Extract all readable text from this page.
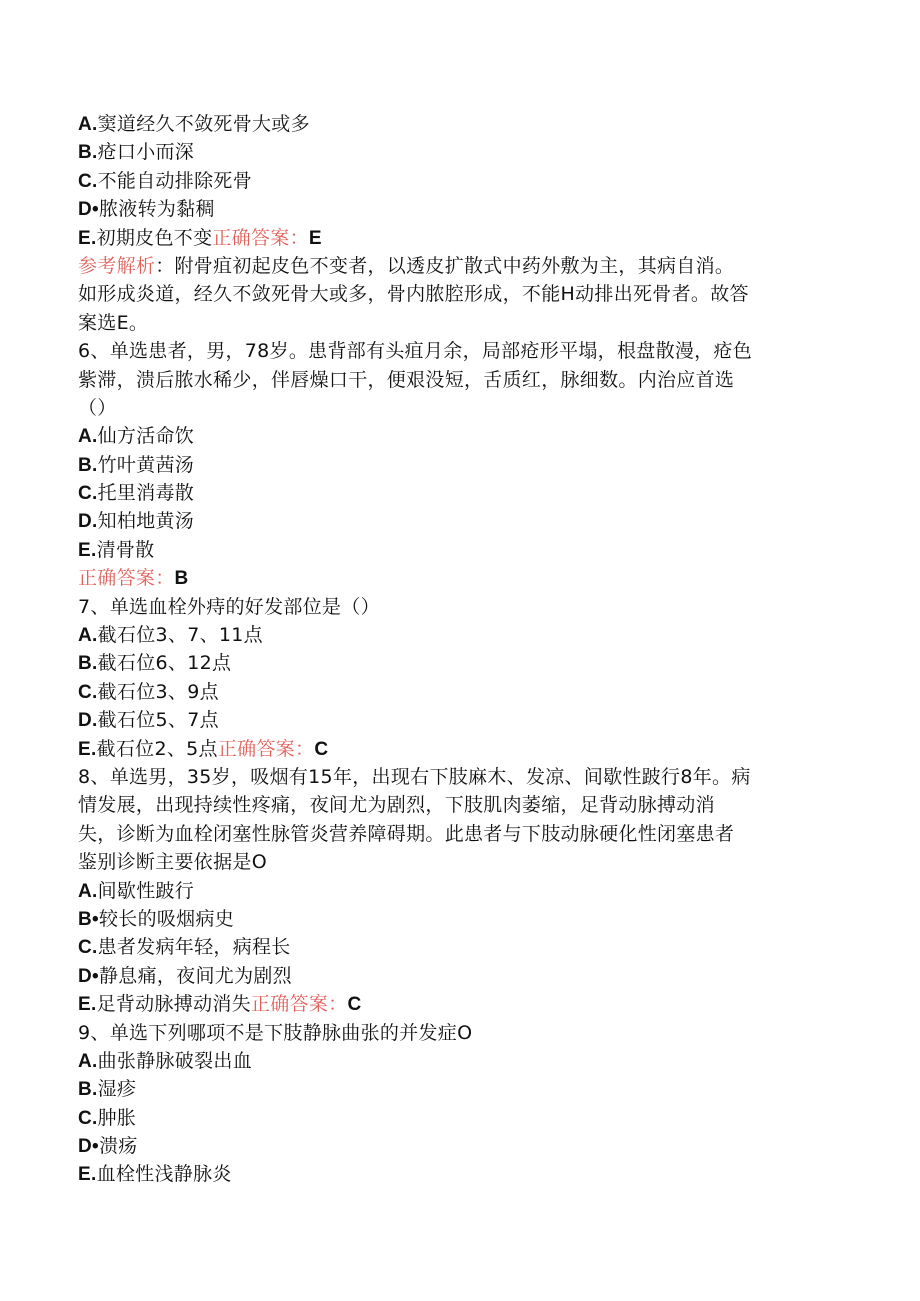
A.窦道经久不敛死骨大或多
B.疮口小而深
C.不能自动排除死骨
D•脓液转为黏稠
E.初期皮色不变正确答案：E
参考解析：附骨疽初起皮色不变者，以透皮扩散式中药外敷为主，其病自消。
如形成炎道，经久不敛死骨大或多，骨内脓腔形成，不能H动排出死骨者。故答
案选E。
6、单选患者，男，78岁。患背部有头疽月余，局部疮形平塌，根盘散漫，疮色
紫滞，溃后脓水稀少，伴唇燥口干，便艰没短，舌质红，脉细数。内治应首选
（）
A.仙方活命饮
B.竹叶黄茜汤
C.托里消毒散
D.知柏地黄汤
E.清骨散
正确答案：B
7、单选血栓外痔的好发部位是（）
A.截石位3、7、11点
B.截石位6、12点
C.截石位3、9点
D.截石位5、7点
E.截石位2、5点正确答案：C
8、单选男，35岁，吸烟有15年，出现右下肢麻木、发凉、间歇性跛行8年。病
情发展，出现持续性疼痛，夜间尤为剧烈，下肢肌肉萎缩，足背动脉搏动消
失，诊断为血栓闭塞性脉管炎营养障碍期。此患者与下肢动脉硬化性闭塞患者
鉴别诊断主要依据是O
A.间歇性跛行
B•较长的吸烟病史
C.患者发病年轻，病程长
D•静息痛，夜间尤为剧烈
E.足背动脉搏动消失正确答案：C
9、单选下列哪项不是下肢静脉曲张的并发症O
A.曲张静脉破裂出血
B.湿疹
C.肿胀
D•溃疡
E.血栓性浅静脉炎
